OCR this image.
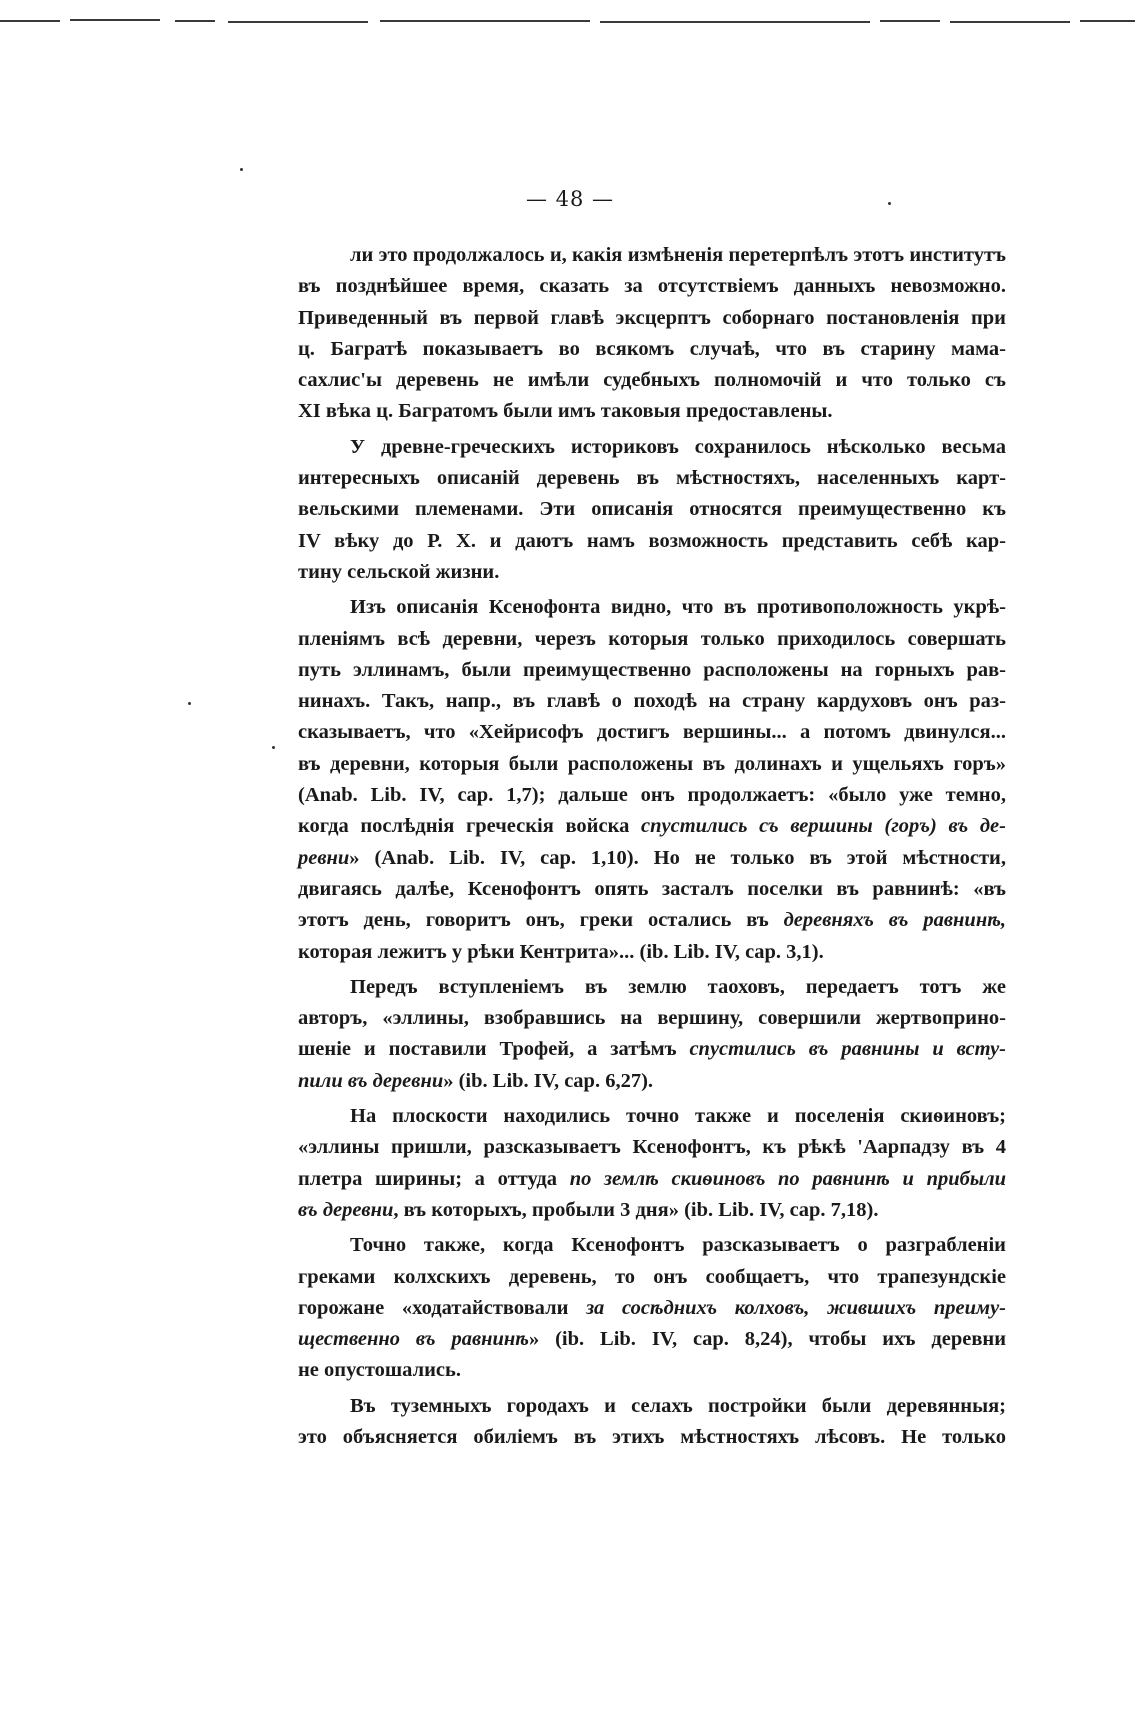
— 48 —
ли это продолжалось и, какія измѣненія перетерпѣлъ этотъ институтъ
въ позднѣйшее время, сказать за отсутствіемъ данныхъ невозможно.
Приведенный въ первой главѣ эксцерптъ соборнаго постановленія при
ц. Багратѣ показываетъ во всякомъ случаѣ, что въ старину мама-
сахлис'ы деревень не имѣли судебныхъ полномочій и что только съ
XI вѣка ц. Багратомъ были имъ таковыя предоставлены.
У древне-греческихъ историковъ сохранилось нѣсколько весьма
интересныхъ описаній деревень въ мѣстностяхъ, населенныхъ карт-
вельскими племенами. Эти описанія относятся преимущественно къ
IV вѣку до Р. Х. и даютъ намъ возможность представить себѣ кар-
тину сельской жизни.
Изъ описанія Ксенофонта видно, что въ противоположность укрѣ-
пленіямъ всѣ деревни, черезъ которыя только приходилось совершать
путь эллинамъ, были преимущественно расположены на горныхъ рав-
нинахъ. Такъ, напр., въ главѣ о походѣ на страну кардуховъ онъ раз-
сказываетъ, что «Хейрисофъ достигъ вершины... а потомъ двинулся...
въ деревни, которыя были расположены въ долинахъ и ущельяхъ горъ»
(Anab. Lib. IV, cap. 1,7); дальше онъ продолжаетъ: «было уже темно,
когда послѣднія греческія войска спустились съ вершины (горъ) въ де-
ревни» (Anab. Lib. IV, cap. 1,10). Но не только въ этой мѣстности,
двигаясь далѣе, Ксенофонтъ опять засталъ поселки въ равнинѣ: «въ
этотъ день, говоритъ онъ, греки остались въ деревняхъ въ равнинѣ,
которая лежитъ у рѣки Кентрита»... (ib. Lib. IV, cap. 3,1).
Передъ вступленіемъ въ землю таоховъ, передаетъ тотъ же
авторъ, «эллины, взобравшись на вершину, совершили жертвоприно-
шеніе и поставили Трофей, а затѣмъ спустились въ равнины и всту-
пили въ деревни» (ib. Lib. IV, cap. 6,27).
На плоскости находились точно также и поселенія скиѳиновъ;
«эллины пришли, разсказываетъ Ксенофонтъ, къ рѣкѣ 'Аарпадзу въ 4
плетра ширины; а оттуда по землѣ скиѳиновъ по равнинѣ и прибыли
въ деревни, въ которыхъ, пробыли 3 дня» (ib. Lib. IV, cap. 7,18).
Точно также, когда Ксенофонтъ разсказываетъ о разграбленіи
греками колхскихъ деревень, то онъ сообщаетъ, что трапезундскіе
горожане «ходатайствовали за сосѣднихъ колховъ, жившихъ преиму-
щественно въ равнинѣ» (ib. Lib. IV, cap. 8,24), чтобы ихъ деревни
не опустошались.
Въ туземныхъ городахъ и селахъ постройки были деревянныя;
это объясняется обиліемъ въ этихъ мѣстностяхъ лѣсовъ. Не только
